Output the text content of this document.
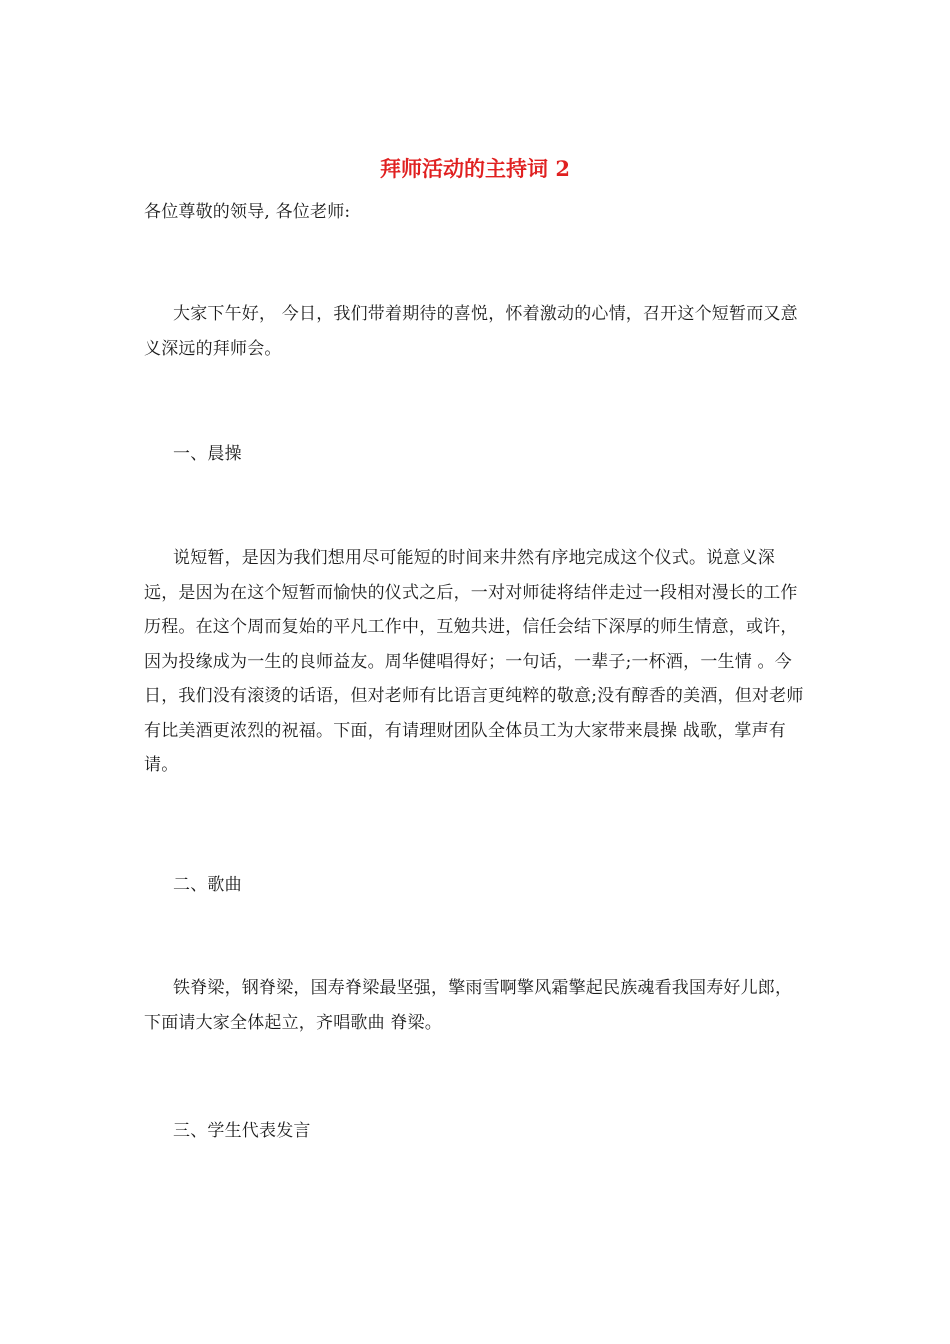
拜师活动的主持词 2

各位尊敬的领导, 各位老师:

大家下午好， 今日，我们带着期待的喜悦，怀着激动的心情，召开这个短暂而又意义深远的拜师会。

一、晨操

说短暂，是因为我们想用尽可能短的时间来井然有序地完成这个仪式。说意义深远，是因为在这个短暂而愉快的仪式之后，一对对师徒将结伴走过一段相对漫长的工作历程。在这个周而复始的平凡工作中，互勉共进，信任会结下深厚的师生情意，或许，因为投缘成为一生的良师益友。周华健唱得好；一句话，一辈子;一杯酒，一生情 。今日，我们没有滚烫的话语，但对老师有比语言更纯粹的敬意;没有醇香的美酒，但对老师有比美酒更浓烈的祝福。下面，有请理财团队全体员工为大家带来晨操 战歌，掌声有请。

二、歌曲

铁脊梁，钢脊梁，国寿脊梁最坚强，擎雨雪啊擎风霜擎起民族魂看我国寿好儿郎，下面请大家全体起立，齐唱歌曲 脊梁。

三、学生代表发言
